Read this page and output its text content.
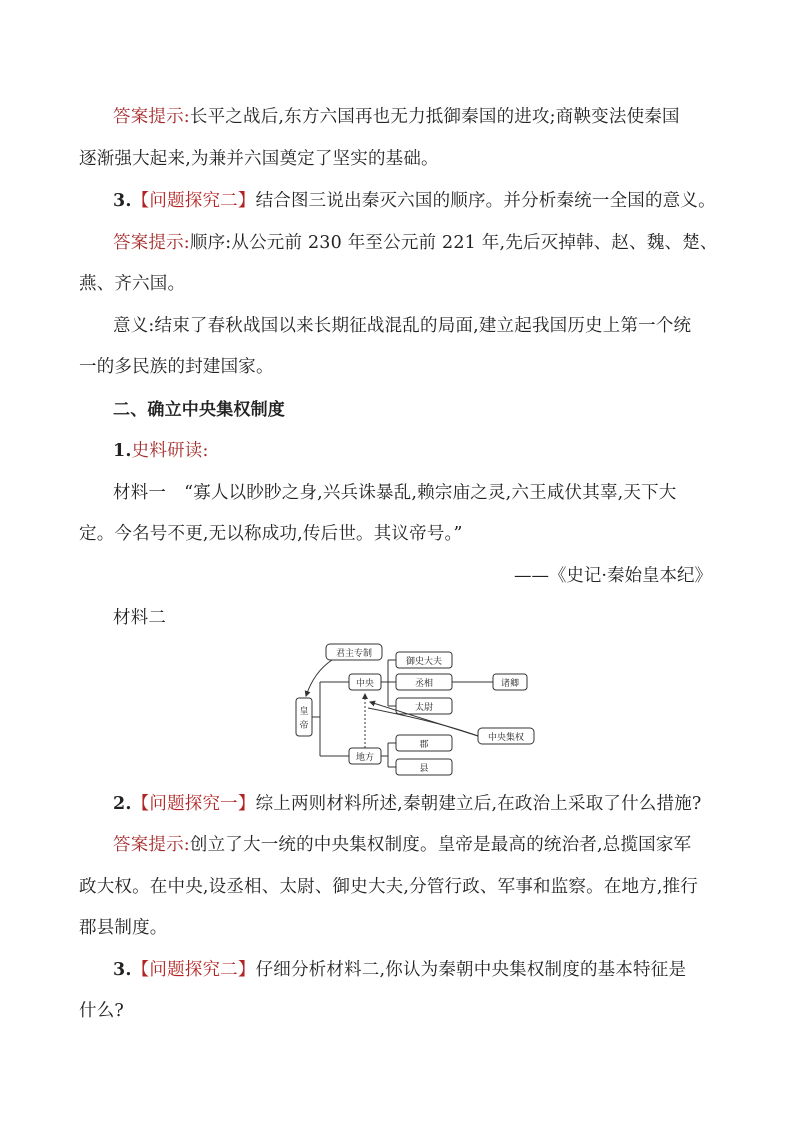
答案提示:长平之战后,东方六国再也无力抵御秦国的进攻;商鞅变法使秦国
逐渐强大起来,为兼并六国奠定了坚实的基础。
3.【问题探究二】结合图三说出秦灭六国的顺序。并分析秦统一全国的意义。
答案提示:顺序:从公元前 230 年至公元前 221 年,先后灭掉韩、赵、魏、楚、
燕、齐六国。
意义:结束了春秋战国以来长期征战混乱的局面,建立起我国历史上第一个统
一的多民族的封建国家。
二、确立中央集权制度
1.史料研读:
材料一 “寡人以眇眇之身,兴兵诛暴乱,赖宗庙之灵,六王咸伏其辜,天下大
定。今名号不更,无以称成功,传后世。其议帝号。”
——《史记·秦始皇本纪》
材料二
皇
帝
中央
地方
御史大夫
丞相
太尉
诸卿
郡
县
君主专制
中央集权
2.【问题探究一】综上两则材料所述,秦朝建立后,在政治上采取了什么措施?
答案提示:创立了大一统的中央集权制度。皇帝是最高的统治者,总揽国家军
政大权。在中央,设丞相、太尉、御史大夫,分管行政、军事和监察。在地方,推行
郡县制度。
3.【问题探究二】仔细分析材料二,你认为秦朝中央集权制度的基本特征是
什么?
